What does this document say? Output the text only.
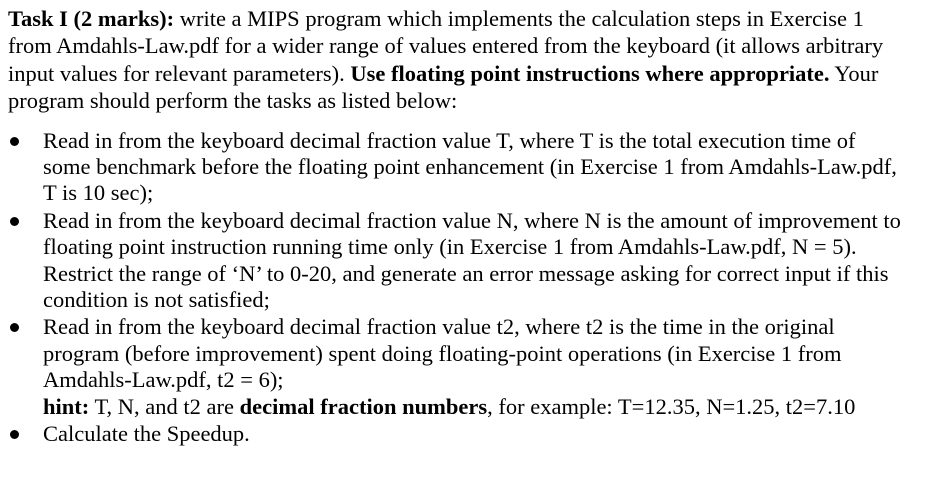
Task I (2 marks): write a MIPS program which implements the calculation steps in Exercise 1 from Amdahls-Law.pdf for a wider range of values entered from the keyboard (it allows arbitrary input values for relevant parameters). Use floating point instructions where appropriate. Your program should perform the tasks as listed below:

Read in from the keyboard decimal fraction value T, where T is the total execution time of some benchmark before the floating point enhancement (in Exercise 1 from Amdahls-Law.pdf, T is 10 sec);
Read in from the keyboard decimal fraction value N, where N is the amount of improvement to floating point instruction running time only (in Exercise 1 from Amdahls-Law.pdf, N = 5). Restrict the range of ‘N’ to 0-20, and generate an error message asking for correct input if this condition is not satisfied;
Read in from the keyboard decimal fraction value t2, where t2 is the time in the original program (before improvement) spent doing floating-point operations (in Exercise 1 from Amdahls-Law.pdf, t2 = 6);
hint: T, N, and t2 are decimal fraction numbers, for example: T=12.35, N=1.25, t2=7.10
Calculate the Speedup.
